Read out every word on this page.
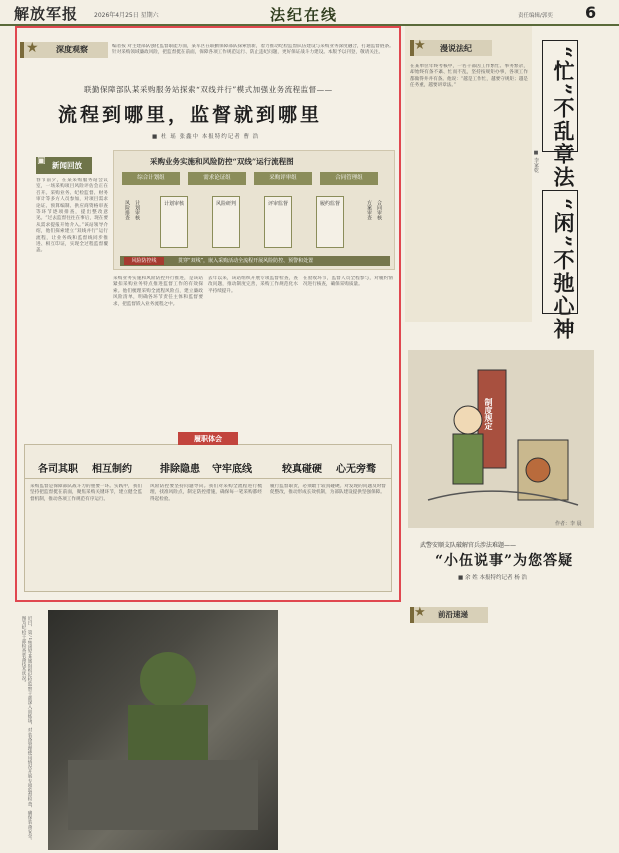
解放军报	2026年4月25日 星期六	法纪在线	责任编辑/郭奕 6
★ 深度观察	编者按 对主建部队强化监督职能方面，某军区在联勤保障部队探索创新，着力推动纪检监督队伍建设与采购业务深度融合，打通监督链条。针对采购领域廉政风险，把监督挺在前面，保障各项工作规范运行、防止违纪问题，更好保证战斗力建设。本版予以刊登，敬请关注。
联勤保障部队某采购服务站探索“双线并行”模式加强业务流程监督——
流程到哪里，监督就到哪里
■ 杜 瑶 张鑫中 本报特约记者 曹 浩
▣ 新闻回放
春节前夕，在某采购服务站会议室，一场采购项目风险评估会正在召开。采购业务、纪检监督、财务审计等多方人员参加，对项目需求论证、预算编制、供应商资格审查等环节逐项排查，提出整改意见。“过去监督往往在事后，现在要从需求提报开始介入。”该站领导介绍，他们探索建立“双线并行”运行流程，让业务线和监督线同步推进、相互印证，实现全过程监督覆盖。
采购业务实施和风险防控并行推进，是该站紧扣采购业务特点推进监督工作的有效探索。他们梳理采购全流程风险点，建立廉政风险清单，明确各环节责任主体和监督要求，把监督嵌入业务流程之中。
去年以来，该站组织开展专项监督检查，查改问题，推动制度完善，采购工作规范化水平持续提升。
在验收环节，监督人员全程参与，对履约情况进行核查，确保采购质量。
采购业务实施和风险防控“双线”运行流程图
综合计划组	需求论证组	采购评审组	合同管理组
风险排查 计划审核	计划审核	风险研判	评审监督	履约监督	方案审查 合同审核
风险防控线	贯穿“双线”，嵌入采购活动全流程开展风险防控、预警和处置
履职体会
各司其职 相互制约	排除隐患 守牢底线	较真碰硬 心无旁骛
采购监督是保障部队战斗力的重要一环。实践中，我们坚持把监督挺在前面，聚焦采购关键环节，建立健全监督机制，推动各项工作规范有序运行。
风险防控要坚持问题导向。我们对采购全流程进行梳理，找准风险点，制定防控措施，确保每一笔采购都经得起检验。
履行监督职责，必须敢于较真碰硬。对发现的问题及时督促整改，推动形成长效机制，为部队建设提供坚强保障。
★ 漫说法纪
在某单位年终考核中，一名干部因工作繁忙、事务繁杂，却始终有条不紊、忙而不乱，坚持按规矩办事，各项工作都做得井井有条。他说：“越是工作忙，越要守规矩；越是任务重，越要讲章法。”	“忙”不乱章法
“闲”不弛心神
■ 李家乾
制度规定
作者：李 晨
武警安顺支队破解官兵涉法难题——
“小伍说事”为您答疑
■ 余 姓 本报特约记者 杨 浩
★ 前沿速递
近日，第71集团军某旅组织纪检监察干部深入训练场，对装备管理使用情况开展专项监督检查，确保装备安全。图为纪检干部检查装备技术状况。
